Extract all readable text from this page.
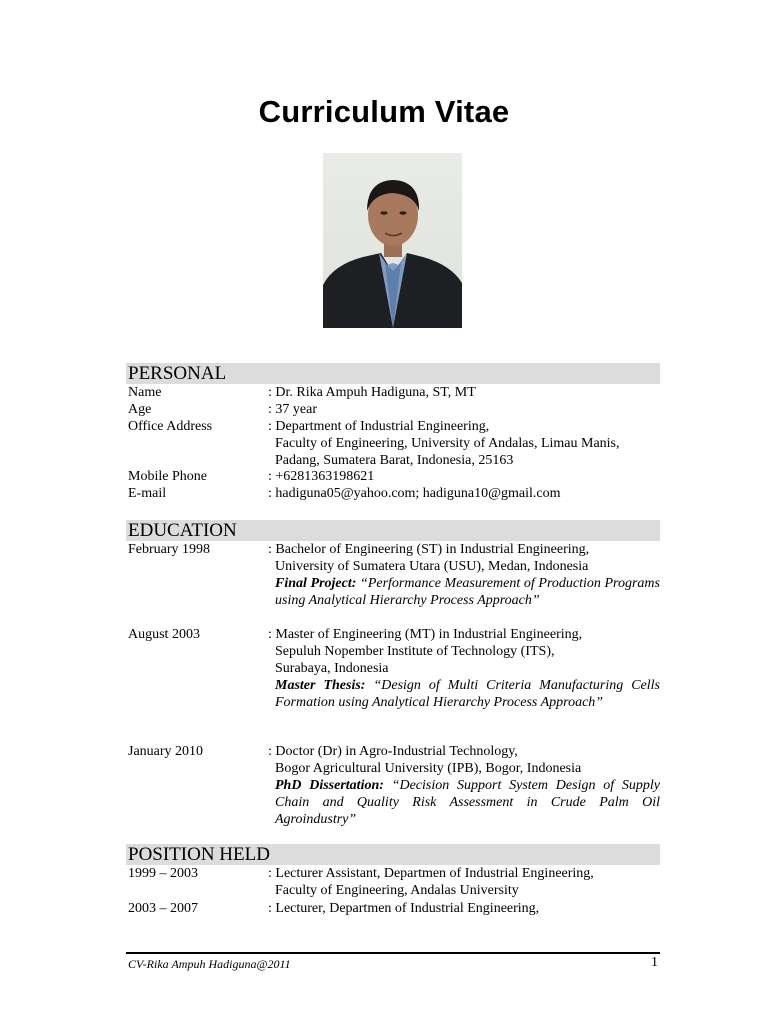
Curriculum Vitae
PERSONAL
Name	: Dr. Rika Ampuh Hadiguna, ST, MT
Age	: 37 year
Office Address	: Department of Industrial Engineering,
Faculty of Engineering, University of Andalas, Limau Manis,
Padang, Sumatera Barat, Indonesia, 25163
Mobile Phone	: +6281363198621
E-mail	: hadiguna05@yahoo.com; hadiguna10@gmail.com
EDUCATION
February 1998	: Bachelor of Engineering (ST) in Industrial Engineering,
University of Sumatera Utara (USU), Medan, Indonesia
Final Project: “Performance Measurement of Production Programs using Analytical Hierarchy Process Approach”
August 2003	: Master of Engineering (MT) in Industrial Engineering,
Sepuluh Nopember Institute of Technology (ITS),
Surabaya, Indonesia
Master Thesis: “Design of Multi Criteria Manufacturing Cells Formation using Analytical Hierarchy Process Approach”
January 2010	: Doctor (Dr) in Agro-Industrial Technology,
Bogor Agricultural University (IPB), Bogor, Indonesia
PhD Dissertation: “Decision Support System Design of Supply Chain and Quality Risk Assessment in Crude Palm Oil Agroindustry”
POSITION HELD
1999 – 2003	: Lecturer Assistant, Departmen of Industrial Engineering,
Faculty of Engineering, Andalas University
2003 – 2007	: Lecturer, Departmen of Industrial Engineering,
CV-Rika Ampuh Hadiguna@2011	1
